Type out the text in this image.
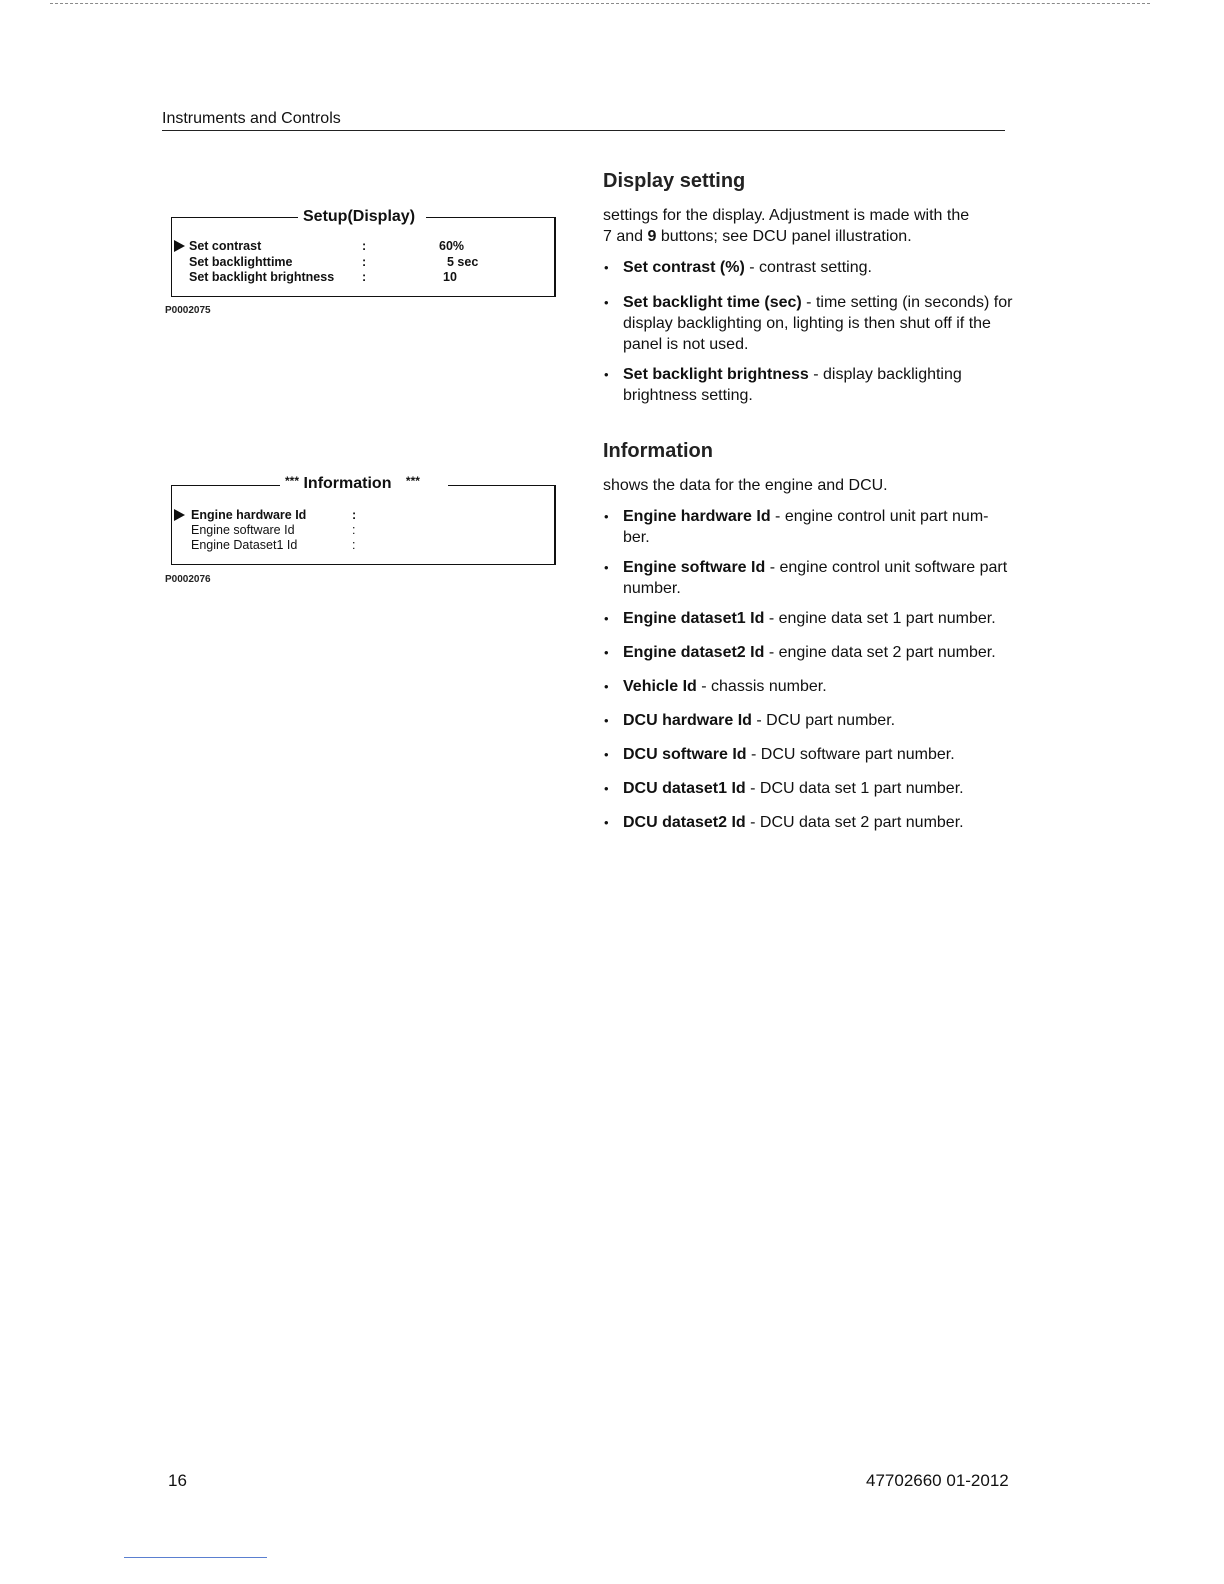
Instruments and Controls
Setup(Display)
Set contrast	:	60%
Set backlighttime	:	5 sec
Set backlight brightness :	10
P0002075
*** Information ***
Engine hardware Id	:
Engine software Id	:
Engine Dataset1 Id	:
P0002076
Display setting

settings for the display. Adjustment is made with the
7 and 9 buttons; see DCU panel illustration.

• Set contrast (%) - contrast setting.
• Set backlight time (sec) - time setting (in seconds) for display backlighting on, lighting is then shut off if the panel is not used.
• Set backlight brightness - display backlighting brightness setting.
Information

shows the data for the engine and DCU.

• Engine hardware Id - engine control unit part num-ber.
• Engine software Id - engine control unit software part number.
• Engine dataset1 Id - engine data set 1 part number.
• Engine dataset2 Id - engine data set 2 part number.
• Vehicle Id - chassis number.
• DCU hardware Id - DCU part number.
• DCU software Id - DCU software part number.
• DCU dataset1 Id - DCU data set 1 part number.
• DCU dataset2 Id - DCU data set 2 part number.
16	47702660 01-2012
